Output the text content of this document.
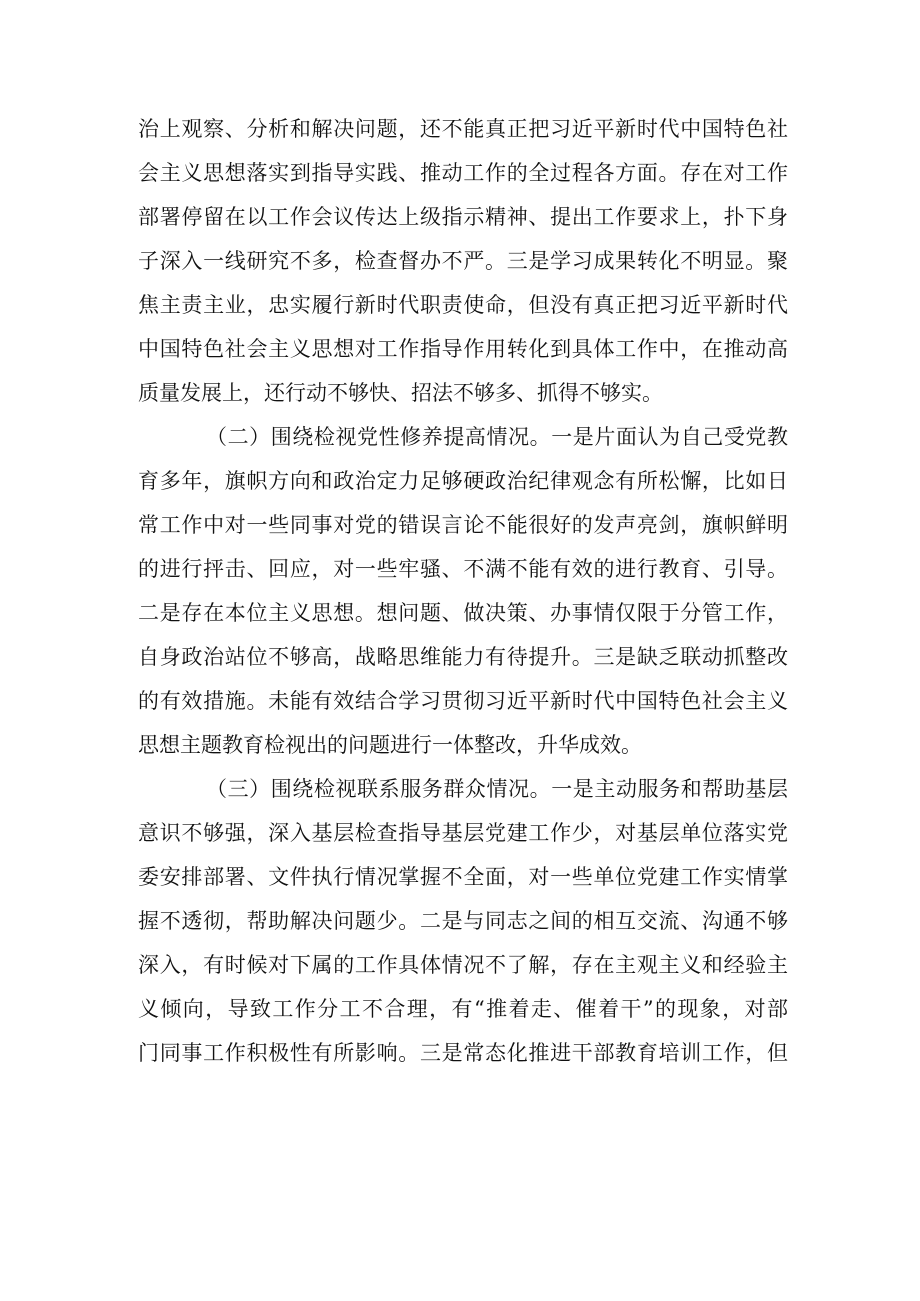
治上观察、分析和解决问题，还不能真正把习近平新时代中国特色社
会主义思想落实到指导实践、推动工作的全过程各方面。存在对工作
部署停留在以工作会议传达上级指示精神、提出工作要求上，扑下身
子深入一线研究不多，检查督办不严。三是学习成果转化不明显。聚
焦主责主业，忠实履行新时代职责使命，但没有真正把习近平新时代
中国特色社会主义思想对工作指导作用转化到具体工作中，在推动高
质量发展上，还行动不够快、招法不够多、抓得不够实。
（二）围绕检视党性修养提高情况。一是片面认为自己受党教
育多年，旗帜方向和政治定力足够硬政治纪律观念有所松懈，比如日
常工作中对一些同事对党的错误言论不能很好的发声亮剑，旗帜鲜明
的进行抨击、回应，对一些牢骚、不满不能有效的进行教育、引导。
二是存在本位主义思想。想问题、做决策、办事情仅限于分管工作，
自身政治站位不够高，战略思维能力有待提升。三是缺乏联动抓整改
的有效措施。未能有效结合学习贯彻习近平新时代中国特色社会主义
思想主题教育检视出的问题进行一体整改，升华成效。
（三）围绕检视联系服务群众情况。一是主动服务和帮助基层
意识不够强，深入基层检查指导基层党建工作少，对基层单位落实党
委安排部署、文件执行情况掌握不全面，对一些单位党建工作实情掌
握不透彻，帮助解决问题少。二是与同志之间的相互交流、沟通不够
深入，有时候对下属的工作具体情况不了解，存在主观主义和经验主
义倾向，导致工作分工不合理，有“推着走、催着干”的现象，对部
门同事工作积极性有所影响。三是常态化推进干部教育培训工作，但
